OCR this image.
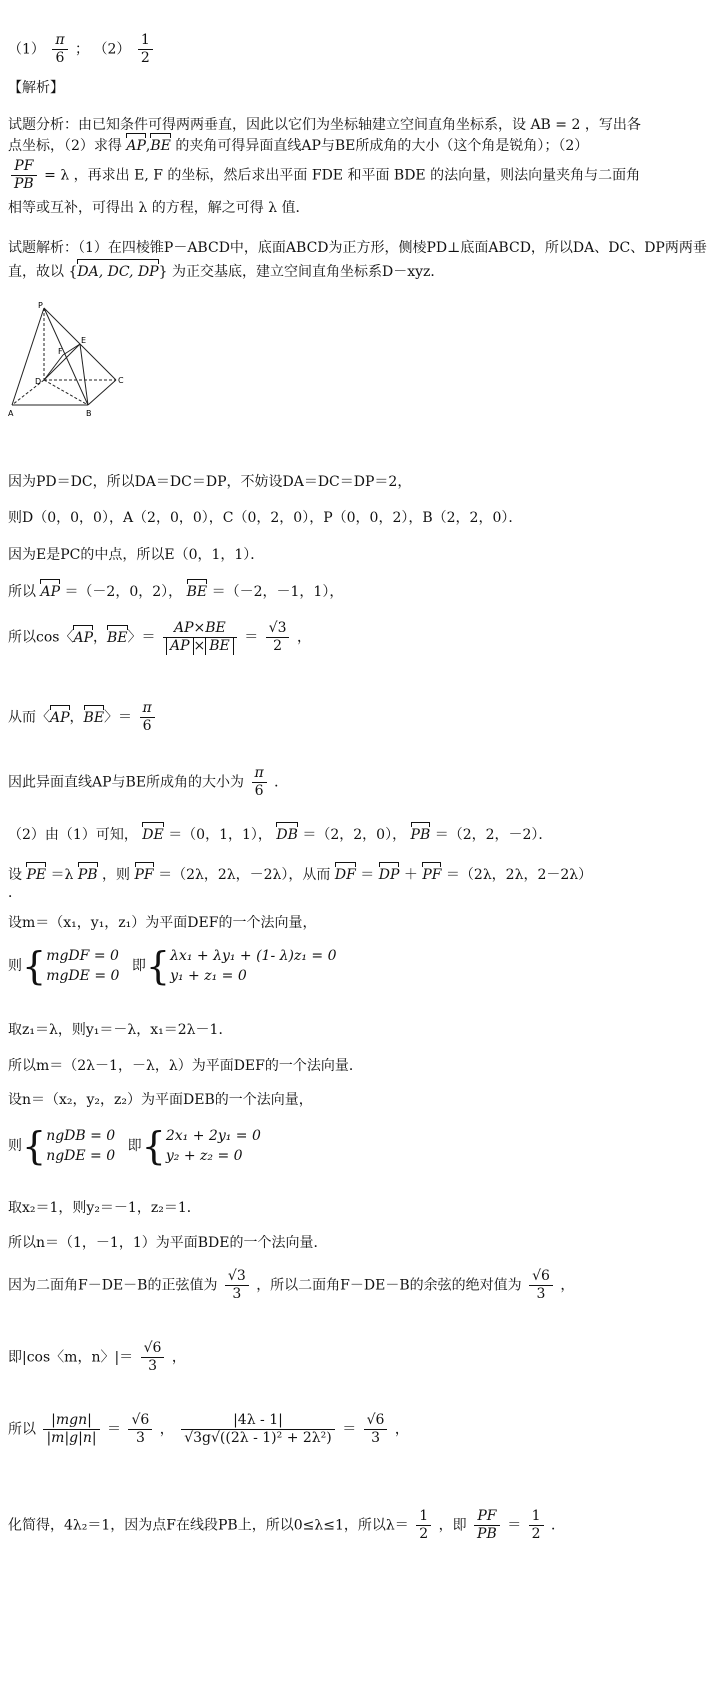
$(1) \frac{\pi}{6}$ ； $(2) \frac{1}{2}$
【解析】
试题分析：由已知条件可得两两垂直，因此以它们为坐标轴建立空间直角坐标系，设 AB = 2 ，写出各
点坐标，（2）求得 AP,BE 的夹角可得异面直线AP与BE所成角的大小（这个角是锐角）；（2）
$\frac{PF}{PB} = \lambda$ ，再求出 E, F 的坐标，然后求出平面 FDE 和平面 BDE 的法向量，则法向量夹角与二面角
相等或互补，可得出 λ 的方程，解之可得 λ 值．
试题解析：（1）在四棱锥P－ABCD中，底面ABCD为正方形，侧棱PD⊥底面ABCD，所以DA、DC、DP两两垂
直，故以 {DA, DC, DP} 为正交基底，建立空间直角坐标系D－xyz．
P
E
F
D	C
A	B
因为PD＝DC，所以DA＝DC＝DP，不妨设DA＝DC＝DP＝2，
则D（0，0，0），A（2，0，0），C（0，2，0），P（0，0，2），B（2，2，0）．
因为E是PC的中点，所以E（0，1，1）．
所以 AP ＝（－2，0，2）， BE ＝（－2，－1，1），
所以cos〈AP，BE〉＝ $\frac{AP\times BE}{AP \times BE} = \frac{√3}{2}$ ，
从而〈AP，BE〉＝ $\frac{\pi}{6}$
因此异面直线AP与BE所成角的大小为 $\frac{\pi}{6}$ ．
（2）由（1）可知， DE ＝（0，1，1）， DB ＝（2，2，0）， PB ＝（2，2，－2）．
设 PE ＝λ PB ，则 PF ＝（2λ，2λ，－2λ），从而 DF ＝ DP ＋ PF ＝（2λ，2λ，2－2λ）
．
设m＝（x₁，y₁，z₁）为平面DEF的一个法向量，
则{ mgDF = 0
mgDE = 0
即{ λx₁ + λy₁ + (1- λ)z₁ = 0
y₁ + z₁ = 0
取z₁＝λ，则y₁＝－λ，x₁＝2λ－1．
所以m＝（2λ－1，－λ，λ）为平面DEF的一个法向量．
设n＝（x₂，y₂，z₂）为平面DEB的一个法向量，
则{ ngDB = 0
ngDE = 0
即{ 2x₁ + 2y₁ = 0
y₂ + z₂ = 0
取x₂＝1，则y₂＝－1，z₂＝1．
所以n＝（1，－1，1）为平面BDE的一个法向量．
因为二面角F－DE－B的正弦值为 $\frac{√3}{3}$ ，所以二面角F－DE－B的余弦的绝对值为 $\frac{√6}{3}$ ，
即|cos〈m，n〉|＝ $\frac{√6}{3}$ ，
所以 $\frac{\text{|mgn|}}{|m|g|n|} = \frac{√6}{3}$ ， $\frac{|4\lambda - 1|}{\text{√3g√((2λ - 1)² + 2λ²)}} = \frac{√6}{3}$ ，
化简得，4λ₂＝1，因为点F在线段PB上，所以0≤λ≤1，所以$\lambda= \frac{1}{2}$ ，即 $\frac{PF}{PB} = \frac{1}{2}$ ．
